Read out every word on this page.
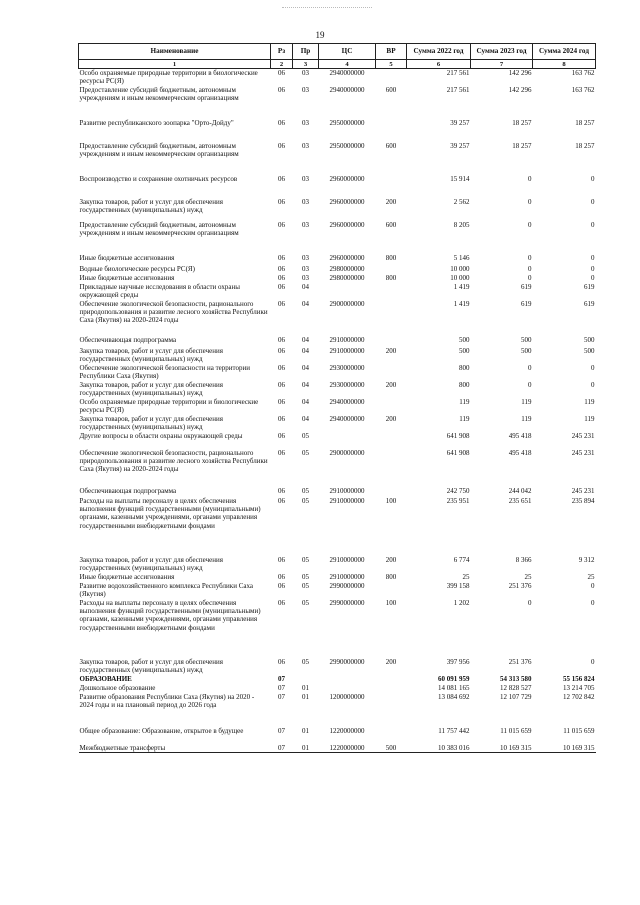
19
Наименование	Рз	Пр	ЦС	ВР	Сумма 2022 год	Сумма 2023 год	Сумма 2024 год
1	2	3	4	5	6	7	8
Особо охраняемые природные территории в биологические ресурсы РС(Я)	06	03	2940000000		217 561	142 296	163 762
Предоставление субсидий бюджетным, автономным учреждениям и иным некоммерческим организациям	06	03	2940000000	600	217 561	142 296	163 762
Развитие республиканского зоопарка "Орто-Дойду"	06	03	2950000000		39 257	18 257	18 257
Предоставление субсидий бюджетным, автономным учреждениям и иным некоммерческим организациям	06	03	2950000000	600	39 257	18 257	18 257
Воспроизводство и сохранение охотничьих ресурсов	06	03	2960000000		15 914	0	0
Закупка товаров, работ и услуг для обеспечения государственных (муниципальных) нужд	06	03	2960000000	200	2 562	0	0
Предоставление субсидий бюджетным, автономным учреждениям и иным некоммерческим организациям	06	03	2960000000	600	8 205	0	0
Иные бюджетные ассигнования	06	03	2960000000	800	5 146	0	0
Водные биологические ресурсы РС(Я)	06	03	2980000000		10 000	0	0
Иные бюджетные ассигнования	06	03	2980000000	800	10 000	0	0
Прикладные научные исследования в области охраны окружающей среды	06	04			1 419	619	619
Обеспечение экологической безопасности, рационального природопользования и развитие лесного хозяйства Республики Саха (Якутия) на 2020-2024 годы	06	04	2900000000		1 419	619	619
Обеспечивающая подпрограмма	06	04	2910000000		500	500	500
Закупка товаров, работ и услуг для обеспечения государственных (муниципальных) нужд	06	04	2910000000	200	500	500	500
Обеспечение экологической безопасности на территории Республики Саха (Якутия)	06	04	2930000000		800	0	0
Закупка товаров, работ и услуг для обеспечения государственных (муниципальных) нужд	06	04	2930000000	200	800	0	0
Особо охраняемые природные территории и биологические ресурсы РС(Я)	06	04	2940000000		119	119	119
Закупка товаров, работ и услуг для обеспечения государственных (муниципальных) нужд	06	04	2940000000	200	119	119	119
Другие вопросы в области охраны окружающей среды	06	05			641 908	495 418	245 231
Обеспечение экологической безопасности, рационального природопользования и развитие лесного хозяйства Республики Саха (Якутия) на 2020-2024 годы	06	05	2900000000		641 908	495 418	245 231
Обеспечивающая подпрограмма	06	05	2910000000		242 750	244 042	245 231
Расходы на выплаты персоналу в целях обеспечения выполнения функций государственными (муниципальными) органами, казенными учреждениями, органами управления государственными внебюджетными фондами	06	05	2910000000	100	235 951	235 651	235 894
Закупка товаров, работ и услуг для обеспечения государственных (муниципальных) нужд	06	05	2910000000	200	6 774	8 366	9 312
Иные бюджетные ассигнования	06	05	2910000000	800	25	25	25
Развитие водохозяйственного комплекса Республики Саха (Якутия)	06	05	2990000000		399 158	251 376	0
Расходы на выплаты персоналу в целях обеспечения выполнения функций государственными (муниципальными) органами, казенными учреждениями, органами управления государственными внебюджетными фондами	06	05	2990000000	100	1 202	0	0
Закупка товаров, работ и услуг для обеспечения государственных (муниципальных) нужд	06	05	2990000000	200	397 956	251 376	0
ОБРАЗОВАНИЕ	07				60 091 959	54 313 580	55 156 824
Дошкольное образование	07	01			14 081 165	12 828 527	13 214 705
Развитие образования Республики Саха (Якутия) на 2020 - 2024 годы и на плановый период до 2026 года	07	01	1200000000		13 084 692	12 107 729	12 702 842
Общее образование: Образование, открытое в будущее	07	01	1220000000		11 757 442	11 015 659	11 015 659
Межбюджетные трансферты	07	01	1220000000	500	10 383 016	10 169 315	10 169 315
